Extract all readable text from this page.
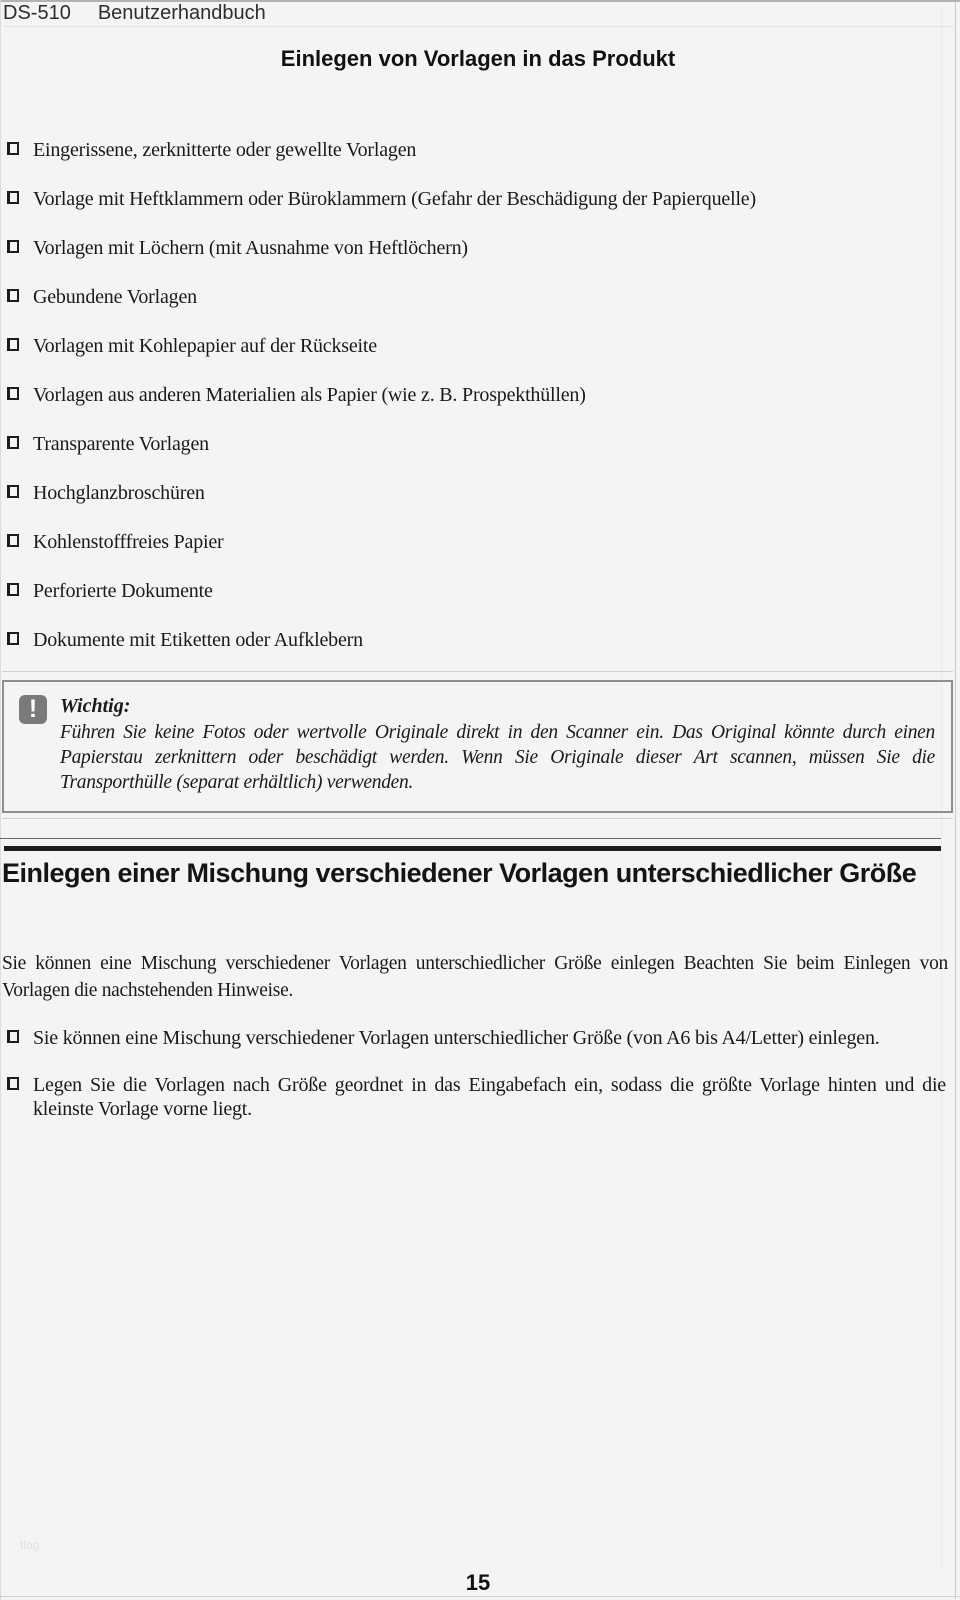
DS-510 Benutzerhandbuch
Einlegen von Vorlagen in das Produkt
Eingerissene, zerknitterte oder gewellte Vorlagen
Vorlage mit Heftklammern oder Büroklammern (Gefahr der Beschädigung der Papierquelle)
Vorlagen mit Löchern (mit Ausnahme von Heftlöchern)
Gebundene Vorlagen
Vorlagen mit Kohlepapier auf der Rückseite
Vorlagen aus anderen Materialien als Papier (wie z. B. Prospekthüllen)
Transparente Vorlagen
Hochglanzbroschüren
Kohlenstofffreies Papier
Perforierte Dokumente
Dokumente mit Etiketten oder Aufklebern
!	Wichtig:
Führen Sie keine Fotos oder wertvolle Originale direkt in den Scanner ein. Das Original könnte durch einen Papierstau zerknittern oder beschädigt werden. Wenn Sie Originale dieser Art scannen, müssen Sie die Transporthülle (separat erhältlich) verwenden.
Einlegen einer Mischung verschiedener Vorlagen unterschiedlicher Größe

Sie können eine Mischung verschiedener Vorlagen unterschiedlicher Größe einlegen Beachten Sie beim Einlegen von Vorlagen die nachstehenden Hinweise.

Sie können eine Mischung verschiedener Vorlagen unterschiedlicher Größe (von A6 bis A4/Letter) einlegen.
Legen Sie die Vorlagen nach Größe geordnet in das Eingabefach ein, sodass die größte Vorlage hinten und die kleinste Vorlage vorne liegt.
tlog
15
